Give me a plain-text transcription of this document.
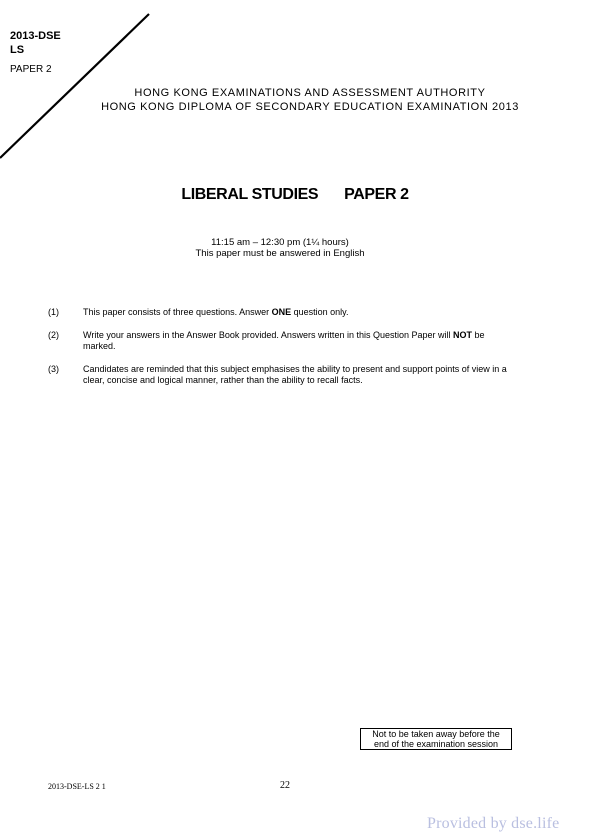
2013-DSE
LS
PAPER 2
HONG KONG EXAMINATIONS AND ASSESSMENT AUTHORITY
HONG KONG DIPLOMA OF SECONDARY EDUCATION EXAMINATION 2013
LIBERAL STUDIES PAPER 2
11:15 am – 12:30 pm (1¼ hours)
This paper must be answered in English
(1)	This paper consists of three questions. Answer ONE question only.
(2)	Write your answers in the Answer Book provided. Answers written in this Question Paper will NOT be marked.
(3)	Candidates are reminded that this subject emphasises the ability to present and support points of view in a clear, concise and logical manner, rather than the ability to recall facts.
Not to be taken away before the
end of the examination session
2013-DSE-LS 2 1	22
Provided by dse.life
